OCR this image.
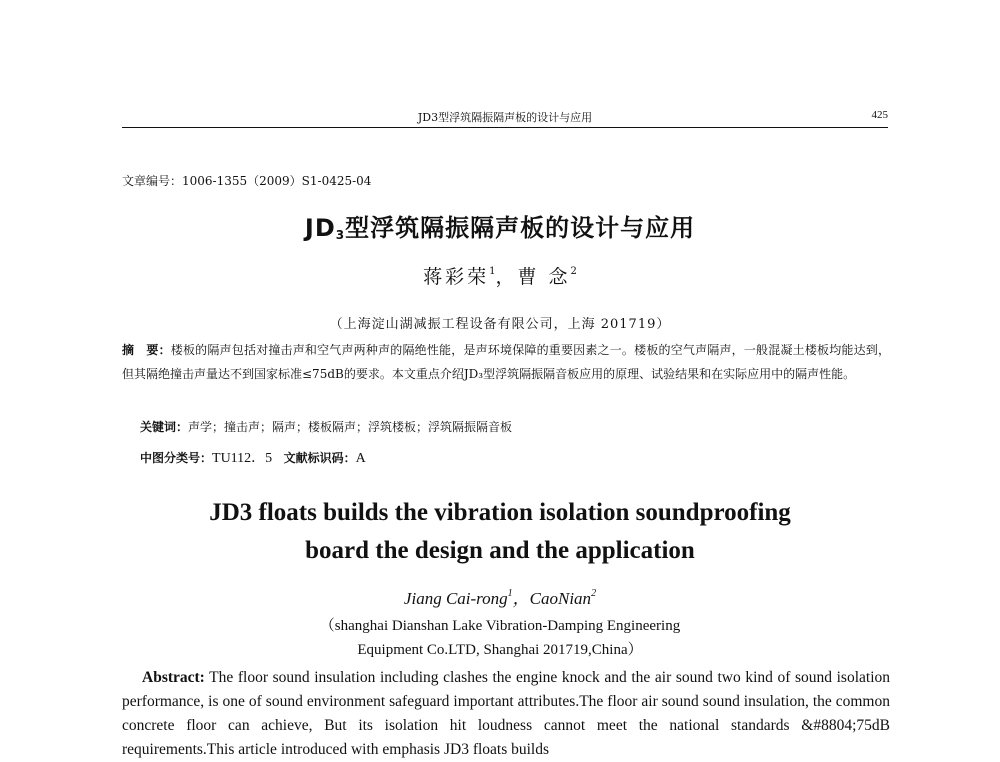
JD3型浮筑隔振隔声板的设计与应用	425
文章编号：1006-1355（2009）S1-0425-04
$JD_3$型浮筑隔振隔声板的设计与应用
蒋彩荣$^1$，曹 念$^2$
（上海淀山湖减振工程设备有限公司，上海 201719）
摘　要：楼板的隔声包括对撞击声和空气声两种声的隔绝性能，是声环境保障的重要因素之一。楼板的空气声隔声，一般混凝土楼板均能达到，但其隔绝撞击声量达不到国家标准≤75dB的要求。本文重点介绍JD₃型浮筑隔振隔音板应用的原理、试验结果和在实际应用中的隔声性能。
关键词：声学；撞击声；隔声；楼板隔声；浮筑楼板；浮筑隔振隔音板
中图分类号：TU112．5 文献标识码：A
JD3 floats builds the vibration isolation soundproofing
board the design and the application
Jiang Cai-rong$^1$，CaoNian$^2$
（shanghai Dianshan Lake Vibration-Damping Engineering
Equipment Co.LTD, Shanghai 201719,China）
Abstract: The floor sound insulation including clashes the engine knock and the air sound two kind of sound isolation performance, is one of sound environment safeguard important attributes.The floor air sound sound insulation, the common concrete floor can achieve, But its isolation hit loudness cannot meet the national standards &#8804;75dB requirements.This article introduced with emphasis JD3 floats builds
